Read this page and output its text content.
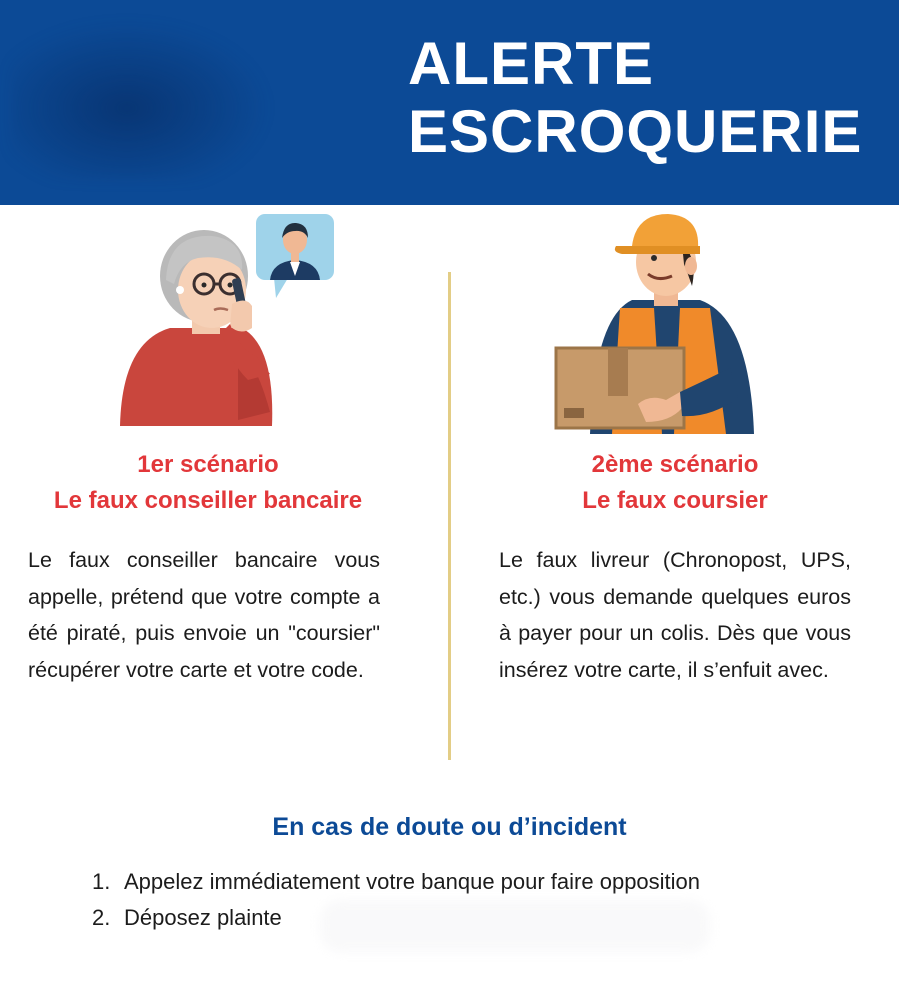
ALERTE
ESCROQUERIE
1er scénario
Le faux conseiller bancaire
Le faux conseiller bancaire vous appelle, prétend que votre compte a été piraté, puis envoie un "coursier" récupérer votre carte et votre code.
2ème scénario
Le faux coursier
Le faux livreur (Chronopost, UPS, etc.) vous demande quelques euros à payer pour un colis. Dès que vous insérez votre carte, il s’enfuit avec.
En cas de doute ou d’incident
1. Appelez immédiatement votre banque pour faire opposition
2. Déposez plainte
